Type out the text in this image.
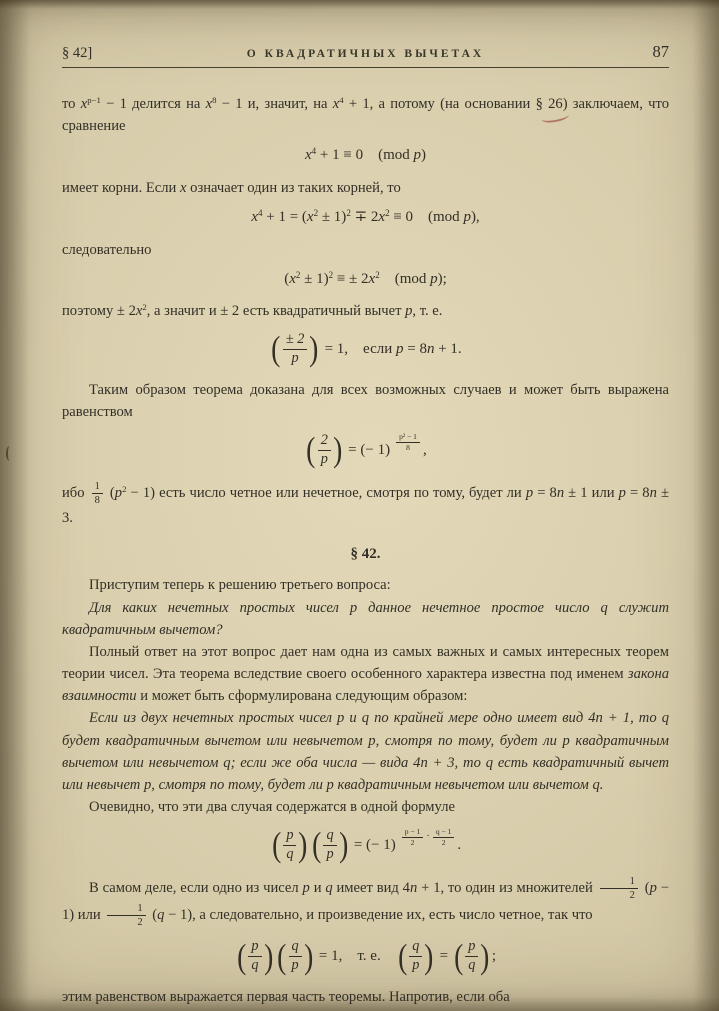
§ 42]	О КВАДРАТИЧНЫХ ВЫЧЕТАХ	87
то $x^{p-1} - 1$ делится на $x^8 - 1$ и, значит, на $x^4 + 1$, а потому (на основании § 26) заключаем, что сравнение
$x^4 + 1 \equiv 0$ (mod p)
имеет корни. Если x означает один из таких корней, то
$x^4 + 1 = (x^2 \pm 1)^2 \mp 2x^2 \equiv 0$ (mod p),
следовательно
$(x^2 \pm 1)^2$ ≡ ± $2x^2$ (mod p);
поэтому ± $2x^2$, а значит и ± 2 есть квадратичный вычет p, т. е.
( $\frac{\pm 2}{p}$ ) = 1, если p = 8n + 1.
Таким образом теорема доказана для всех возможных случаев и может быть выражена равенством
( $\frac{2}{p}$ ) = (− $1) \frac{\text{p² − 1}}{8}$ ,
ибо $\frac{1}{8} (p^2 - 1)$ есть число четное или нечетное, смотря по тому, будет ли p = 8n ± 1 или p = 8n ± 3.
§ 42.
Приступим теперь к решению третьего вопроса:
Для каких нечетных простых чисел p данное нечетное простое число q служит квадратичным вычетом?
Полный ответ на этот вопрос дает нам одна из самых важных и самых интересных теорем теории чисел. Эта теорема вследствие своего особенного характера известна под именем закона взаимности и может быть сформулирована следующим образом:
Если из двух нечетных простых чисел p и q по крайней мере одно имеет вид 4n + 1, то q будет квадратичным вычетом или невычетом p, смотря по тому, будет ли p квадратичным вычетом или невычетом q; если же оба числа — вида 4n + 3, то q есть квадратичный вычет или невычет p, смотря по тому, будет ли p квадратичным невычетом или вычетом q.
Очевидно, что эти два случая содержатся в одной формуле
( $\frac{p}{q}$ ) ( $\frac{q}{p}$ ) = (− $1) \frac{p - 1}{2} \cdot \frac{q - 1}{2}$ .
В самом деле, если одно из чисел p и q имеет вид 4n + 1, то один из множителей $\frac{1}{2} (p - 1)$ или $\frac{1}{2} (q - 1)$, а следовательно, и произведение их, есть число четное, так что
( $\frac{p}{q}$ ) ( $\frac{q}{p}$ ) = 1, т. е.  ( $\frac{q}{p}$ ) = ( $\frac{p}{q}$ ) ;
этим равенством выражается первая часть теоремы. Напротив, если оба
